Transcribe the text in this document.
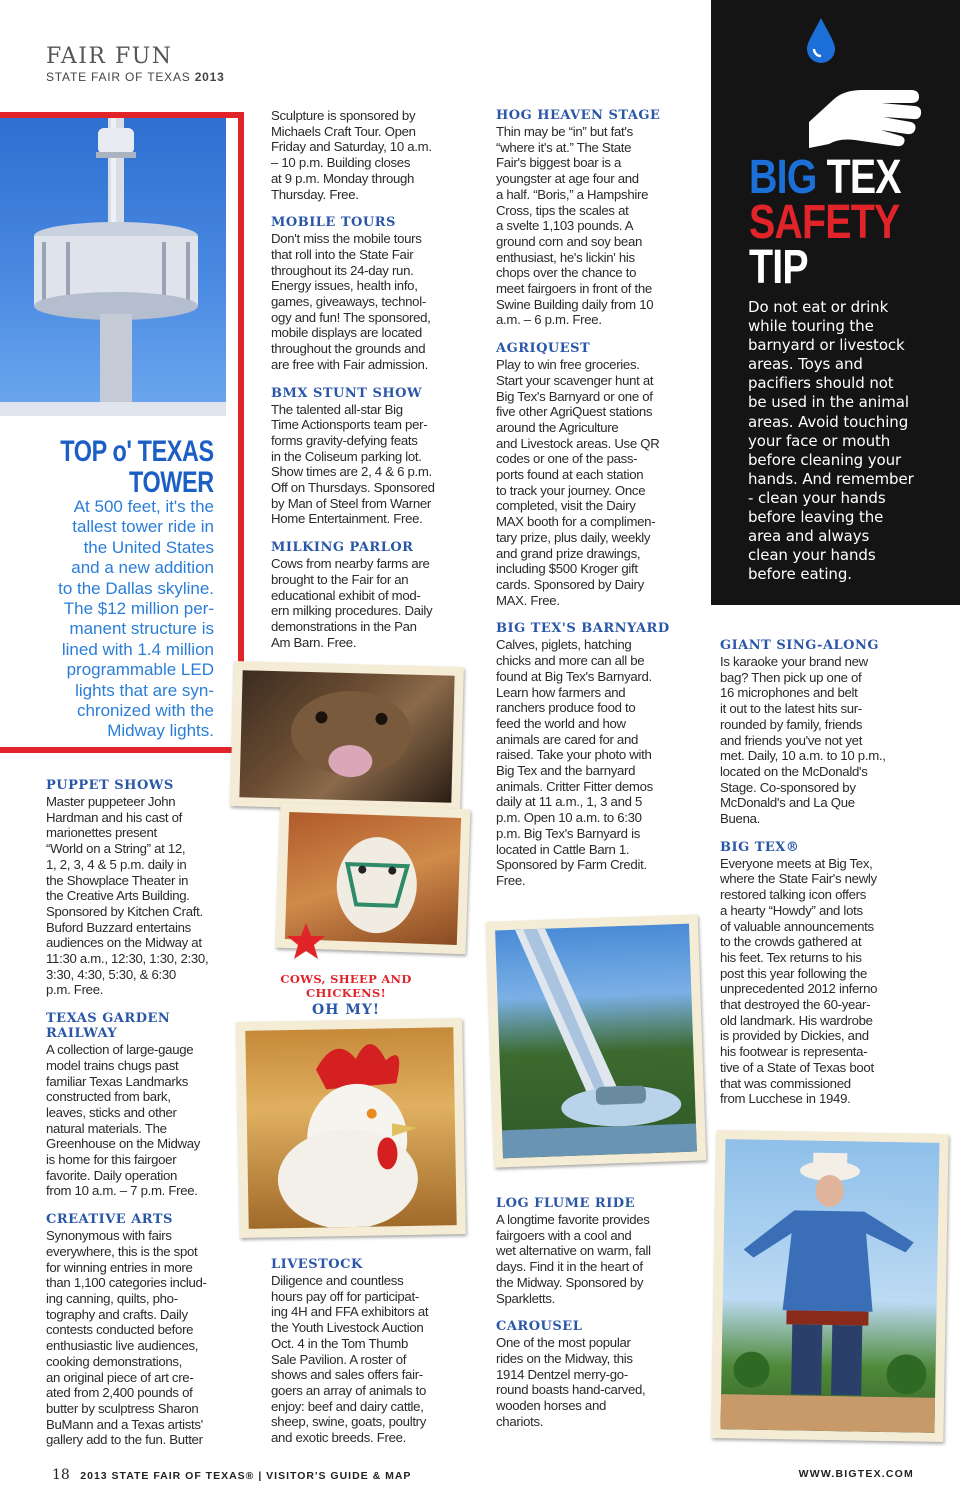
FAIR FUN
STATE FAIR OF TEXAS 2013
TOP o' TEXAS
TOWER
At 500 feet, it's the
tallest tower ride in
the United States
and a new addition
to the Dallas skyline.
The $12 million per-
manent structure is
lined with 1.4 million
programmable LED
lights that are syn-
chronized with the
Midway lights.
PUPPET SHOWS
Master puppeteer John
Hardman and his cast of
marionettes present
“World on a String” at 12,
1, 2, 3, 4 & 5 p.m. daily in
the Showplace Theater in
the Creative Arts Building.
Sponsored by Kitchen Craft.
Buford Buzzard entertains
audiences on the Midway at
11:30 a.m., 12:30, 1:30, 2:30,
3:30, 4:30, 5:30, & 6:30
p.m. Free.
TEXAS GARDEN RAILWAY
A collection of large-gauge
model trains chugs past
familiar Texas Landmarks
constructed from bark,
leaves, sticks and other
natural materials. The
Greenhouse on the Midway
is home for this fairgoer
favorite. Daily operation
from 10 a.m. – 7 p.m. Free.
CREATIVE ARTS
Synonymous with fairs
everywhere, this is the spot
for winning entries in more
than 1,100 categories includ-
ing canning, quilts, pho-
tography and crafts. Daily
contests conducted before
enthusiastic live audiences,
cooking demonstrations,
an original piece of art cre-
ated from 2,400 pounds of
butter by sculptress Sharon
BuMann and a Texas artists'
gallery add to the fun. Butter
Sculpture is sponsored by
Michaels Craft Tour. Open
Friday and Saturday, 10 a.m.
– 10 p.m. Building closes
at 9 p.m. Monday through
Thursday. Free.
MOBILE TOURS
Don't miss the mobile tours
that roll into the State Fair
throughout its 24-day run.
Energy issues, health info,
games, giveaways, technol-
ogy and fun! The sponsored,
mobile displays are located
throughout the grounds and
are free with Fair admission.
BMX STUNT SHOW
The talented all-star Big
Time Actionsports team per-
forms gravity-defying feats
in the Coliseum parking lot.
Show times are 2, 4 & 6 p.m.
Off on Thursdays. Sponsored
by Man of Steel from Warner
Home Entertainment. Free.
MILKING PARLOR
Cows from nearby farms are
brought to the Fair for an
educational exhibit of mod-
ern milking procedures. Daily
demonstrations in the Pan
Am Barn. Free.
COWS, SHEEP AND CHICKENS!
OH MY!
LIVESTOCK
Diligence and countless
hours pay off for participat-
ing 4H and FFA exhibitors at
the Youth Livestock Auction
Oct. 4 in the Tom Thumb
Sale Pavilion. A roster of
shows and sales offers fair-
goers an array of animals to
enjoy: beef and dairy cattle,
sheep, swine, goats, poultry
and exotic breeds. Free.
HOG HEAVEN STAGE
Thin may be “in” but fat's
“where it's at.” The State
Fair's biggest boar is a
youngster at age four and
a half. “Boris,” a Hampshire
Cross, tips the scales at
a svelte 1,103 pounds. A
ground corn and soy bean
enthusiast, he's lickin' his
chops over the chance to
meet fairgoers in front of the
Swine Building daily from 10
a.m. – 6 p.m. Free.
AGRIQUEST
Play to win free groceries.
Start your scavenger hunt at
Big Tex's Barnyard or one of
five other AgriQuest stations
around the Agriculture
and Livestock areas. Use QR
codes or one of the pass-
ports found at each station
to track your journey. Once
completed, visit the Dairy
MAX booth for a complimen-
tary prize, plus daily, weekly
and grand prize drawings,
including $500 Kroger gift
cards. Sponsored by Dairy
MAX. Free.
BIG TEX'S BARNYARD
Calves, piglets, hatching
chicks and more can all be
found at Big Tex's Barnyard.
Learn how farmers and
ranchers produce food to
feed the world and how
animals are cared for and
raised. Take your photo with
Big Tex and the barnyard
animals. Critter Fitter demos
daily at 11 a.m., 1, 3 and 5
p.m. Open 10 a.m. to 6:30
p.m. Big Tex's Barnyard is
located in Cattle Barn 1.
Sponsored by Farm Credit.
Free.
LOG FLUME RIDE
A longtime favorite provides
fairgoers with a cool and
wet alternative on warm, fall
days. Find it in the heart of
the Midway. Sponsored by
Sparkletts.
CAROUSEL
One of the most popular
rides on the Midway, this
1914 Dentzel merry-go-
round boasts hand-carved,
wooden horses and
chariots.
BIG TEX
SAFETY
TIP
Do not eat or drink
while touring the
barnyard or livestock
areas. Toys and
pacifiers should not
be used in the animal
areas. Avoid touching
your face or mouth
before cleaning your
hands. And remember
- clean your hands
before leaving the
area and always
clean your hands
before eating.
GIANT SING-ALONG
Is karaoke your brand new
bag? Then pick up one of
16 microphones and belt
it out to the latest hits sur-
rounded by family, friends
and friends you've not yet
met. Daily, 10 a.m. to 10 p.m.,
located on the McDonald's
Stage. Co-sponsored by
McDonald's and La Que
Buena.
BIG TEX®
Everyone meets at Big Tex,
where the State Fair's newly
restored talking icon offers
a hearty “Howdy” and lots
of valuable announcements
to the crowds gathered at
his feet. Tex returns to his
post this year following the
unprecedented 2012 inferno
that destroyed the 60-year-
old landmark. His wardrobe
is provided by Dickies, and
his footwear is representa-
tive of a State of Texas boot
that was commissioned
from Lucchese in 1949.
18 2013 STATE FAIR OF TEXAS® | VISITOR'S GUIDE & MAP	WWW.BIGTEX.COM
